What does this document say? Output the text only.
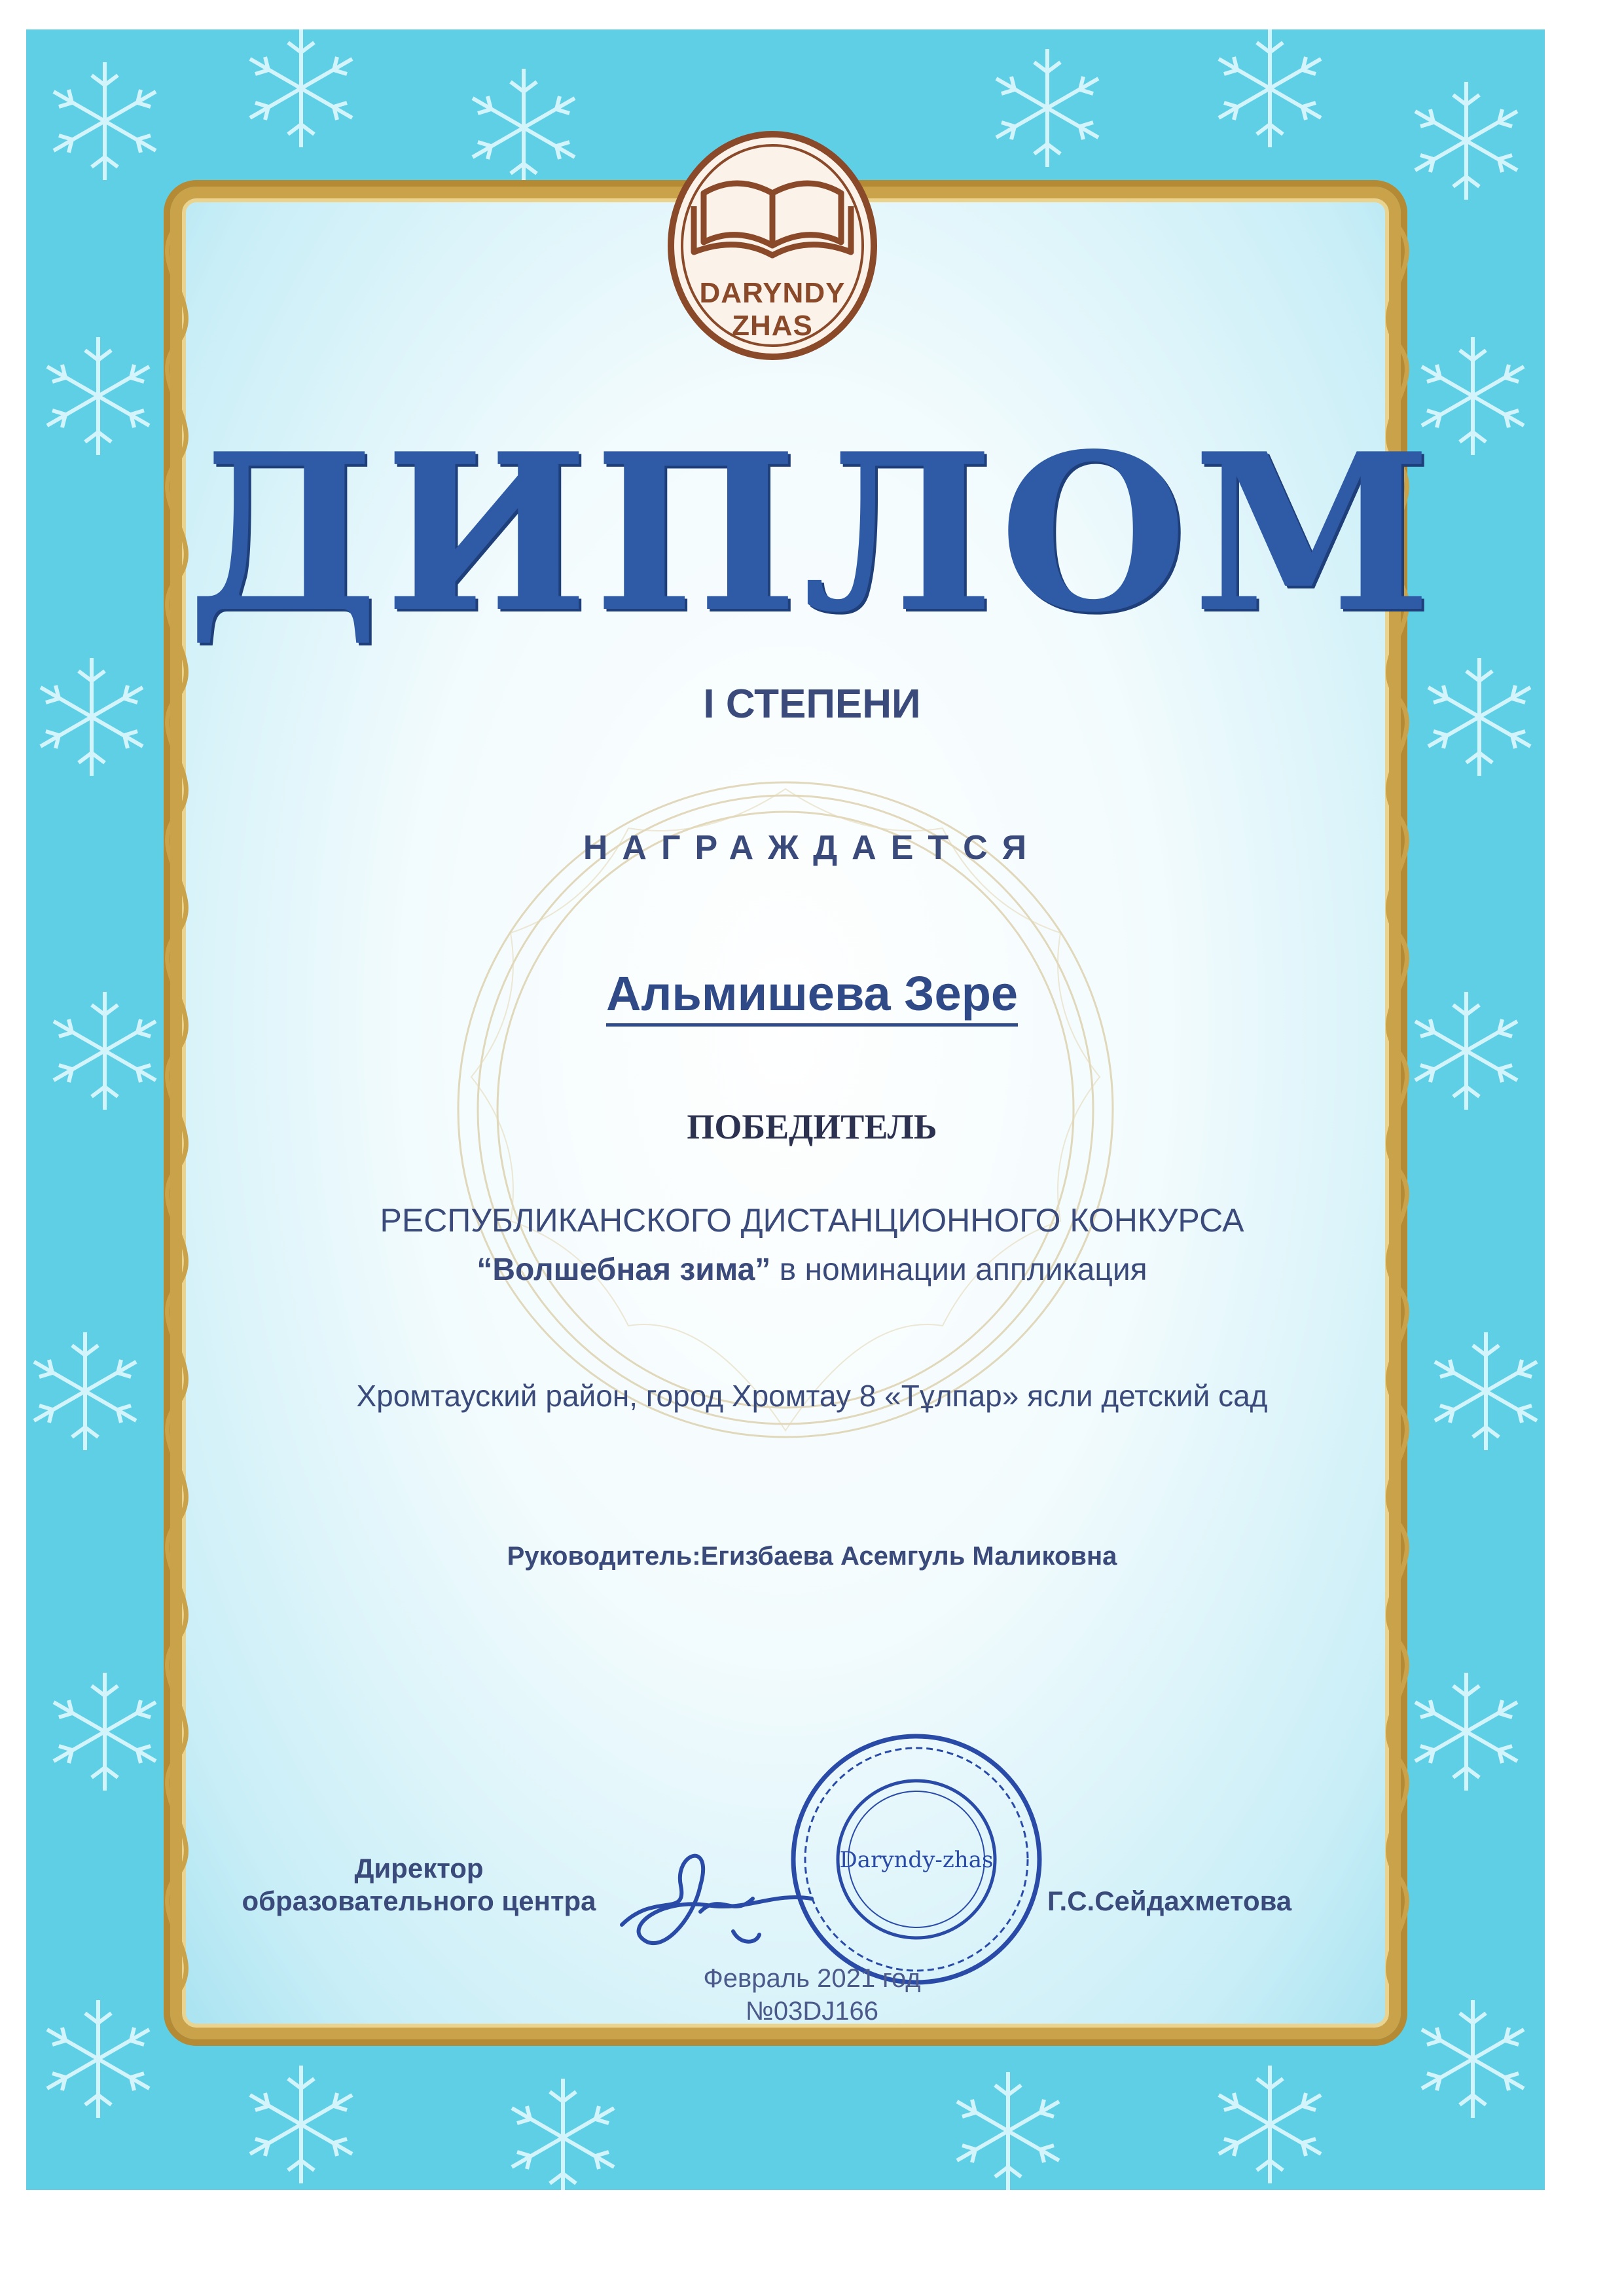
DARYNDY
ZHAS
ДИПЛОМ
I СТЕПЕНИ
НАГРАЖДАЕТСЯ
Альмишева Зере
ПОБЕДИТЕЛЬ
РЕСПУБЛИКАНСКОГО ДИСТАНЦИОННОГО КОНКУРСА
“Волшебная зима” в номинации аппликация
Хромтауский район, город Хромтау 8 «Тұлпар» ясли детский сад
Руководитель:Егизбаева Асемгуль Маликовна
Директор
образовательного центра	Г.С.Сейдахметова
Daryndy-zhas
Февраль 2021 год
№03DJ166
